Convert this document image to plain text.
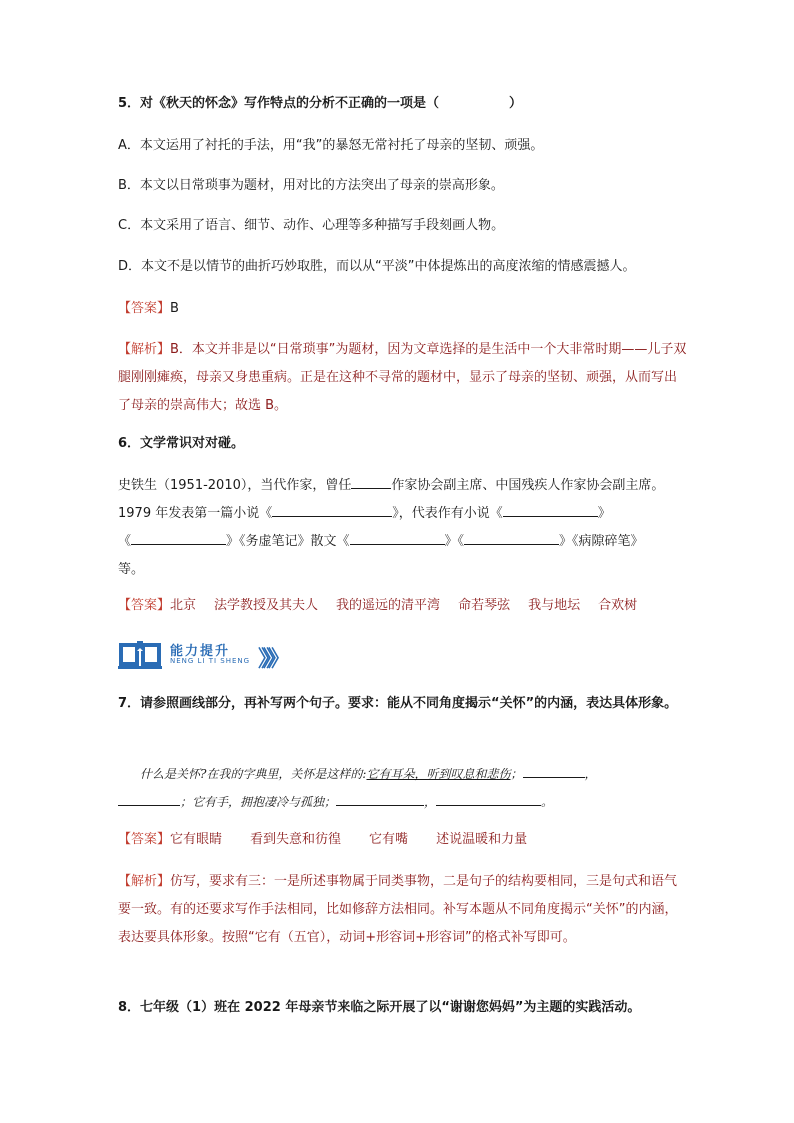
5．对《秋天的怀念》写作特点的分析不正确的一项是（	）
A．本文运用了衬托的手法，用“我”的暴怒无常衬托了母亲的坚韧、顽强。
B．本文以日常琐事为题材，用对比的方法突出了母亲的崇高形象。
C．本文采用了语言、细节、动作、心理等多种描写手段刻画人物。
D．本文不是以情节的曲折巧妙取胜，而以从“平淡”中体提炼出的高度浓缩的情感震撼人。
【答案】B
【解析】B．本文并非是以“日常琐事”为题材，因为文章选择的是生活中一个大非常时期——儿子双腿刚刚瘫痪，母亲又身患重病。正是在这种不寻常的题材中，显示了母亲的坚韧、顽强，从而写出了母亲的崇高伟大；故选 B。
6．文学常识对对碰。
史铁生（1951-2010），当代作家，曾任	作家协会副主席、中国残疾人作家协会副主席。1979 年发表第一篇小说《	》，代表作有小说《	》
《	》《务虚笔记》散文《	》《	》《病隙碎笔》
等。
【答案】北京 法学教授及其夫人 我的遥远的清平湾 命若琴弦 我与地坛 合欢树
能力提升
NENG LI TI SHENG 》》》
7．请参照画线部分，再补写两个句子。要求：能从不同角度揭示“关怀”的内涵，表达具体形象。
什么是关怀?在我的字典里，关怀是这样的:它有耳朵，听到叹息和悲伤；	，
；它有手，拥抱凄冷与孤独；	，	。
【答案】它有眼睛 看到失意和彷徨 它有嘴 述说温暖和力量
【解析】仿写，要求有三：一是所述事物属于同类事物，二是句子的结构要相同，三是句式和语气要一致。有的还要求写作手法相同，比如修辞方法相同。补写本题从不同角度揭示“关怀”的内涵，表达要具体形象。按照“它有（五官），动词+形容词+形容词”的格式补写即可。
8．七年级（1）班在 2022 年母亲节来临之际开展了以“谢谢您妈妈”为主题的实践活动。
